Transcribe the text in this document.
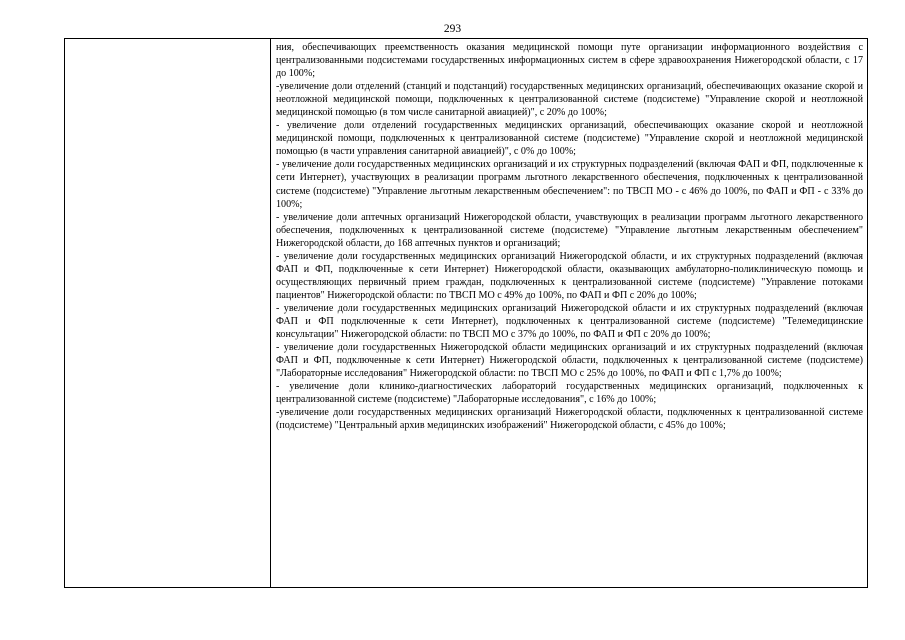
293

ния, обеспечивающих преемственность оказания медицинской помощи путе организации информационного воздействия с централизованными подсистемами государственных информационных систем в сфере здравоохранения Нижегородской области, с 17 до 100%;

-увеличение доли отделений (станций и подстанций) государственных медицинских организаций, обеспечивающих оказание скорой и неотложной медицинской помощи, подключенных к централизованной системе (подсистеме) "Управление скорой и неотложной медицинской помощью (в том числе санитарной авиацией)", с 20% до 100%;

- увеличение доли отделений государственных медицинских организаций, обеспечивающих оказание скорой и неотложной медицинской помощи, подключенных к централизованной системе (подсистеме) "Управление скорой и неотложной медицинской помощью (в части управления санитарной авиацией)", с 0% до 100%;

- увеличение доли государственных медицинских организаций и их структурных подразделений (включая ФАП и ФП, подключенные к сети Интернет), участвующих в реализации программ льготного лекарственного обеспечения, подключенных к централизованной системе (подсистеме) "Управление льготным лекарственным обеспечением": по ТВСП МО - с 46% до 100%, по ФАП и ФП - с 33% до 100%;

- увеличение доли аптечных организаций Нижегородской области, учавствующих в реализации программ льготного лекарственного обеспечения, подключенных к централизованной системе (подсистеме) "Управление льготным лекарственным обеспечением" Нижегородской области, до 168 аптечных пунктов и организаций;

- увеличение доли государственных медицинских организаций Нижегородской области, и их структурных подразделений (включая ФАП и ФП, подключенные к сети Интернет) Нижегородской области, оказывающих амбулаторно-поликлиническую помощь и осуществляющих первичный прием граждан, подключенных к централизованной системе (подсистеме) "Управление потоками пациентов" Нижегородской области: по ТВСП МО с 49% до 100%, по ФАП и ФП с 20% до 100%;

- увеличение доли государственных медицинских организаций Нижегородской области и их структурных подразделений (включая ФАП и ФП подключенные к сети Интернет), подключенных к централизованной системе (подсистеме) "Телемедицинские консультации" Нижегородской области: по ТВСП МО с 37% до 100%, по ФАП и ФП с 20% до 100%;

- увеличение доли государственных Нижегородской области медицинских организаций и их структурных подразделений (включая ФАП и ФП, подключенные к сети Интернет) Нижегородской области, подключенных к централизованной системе (подсистеме) "Лабораторные исследования" Нижегородской области: по ТВСП МО с 25% до 100%, по ФАП и ФП с 1,7% до 100%;

- увеличение доли клинико-диагностических лабораторий государственных медицинских организаций, подключенных к централизованной системе (подсистеме) "Лабораторные исследования", с 16% до 100%;

-увеличение доли государственных медицинских организаций Нижегородской области, подключенных к централизованной системе (подсистеме) "Центральный архив медицинских изображений" Нижегородской области, с 45% до 100%;
